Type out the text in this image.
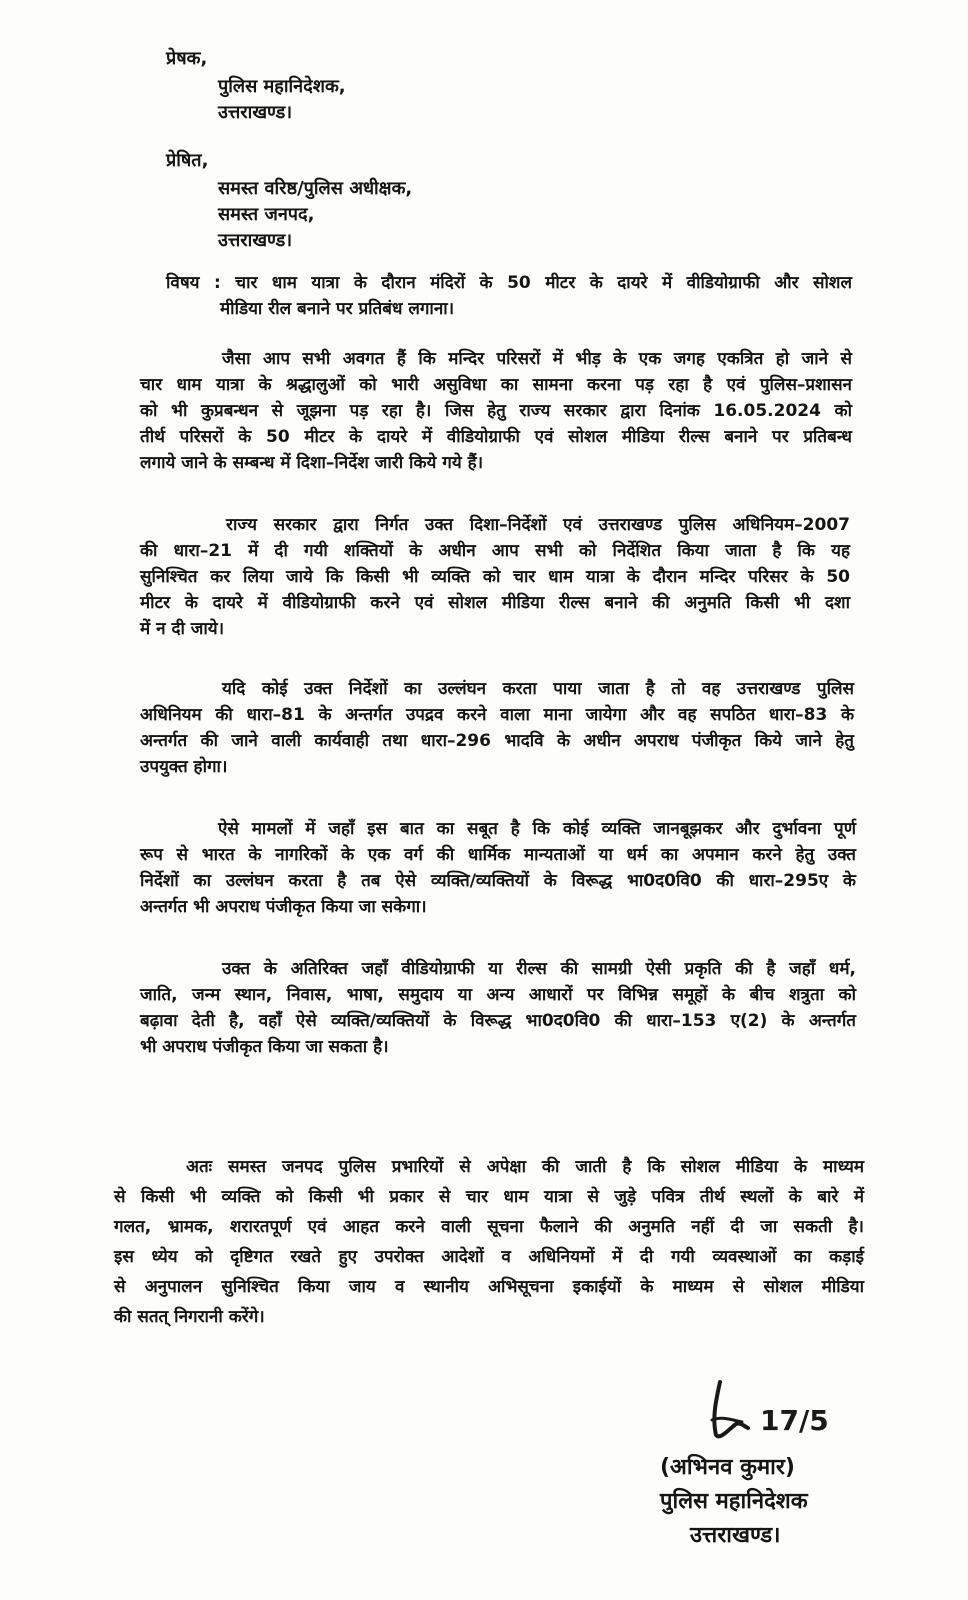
प्रेषक,
पुलिस महानिदेशक,
उत्तराखण्ड।
प्रेषित,
समस्त वरिष्ठ/पुलिस अधीक्षक,
समस्त जनपद,
उत्तराखण्ड।
विषय : चार धाम यात्रा के दौरान मंदिरों के 50 मीटर के दायरे में वीडियोग्राफी और सोशल
मीडिया रील बनाने पर प्रतिबंध लगाना।
जैसा आप सभी अवगत हैं कि मन्दिर परिसरों में भीड़ के एक जगह एकत्रित हो जाने से
चार धाम यात्रा के श्रद्धालुओं को भारी असुविधा का सामना करना पड़ रहा है एवं पुलिस–प्रशासन
को भी कुप्रबन्धन से जूझना पड़ रहा है। जिस हेतु राज्य सरकार द्वारा दिनांक 16.05.2024 को
तीर्थ परिसरों के 50 मीटर के दायरे में वीडियोग्राफी एवं सोशल मीडिया रील्स बनाने पर प्रतिबन्ध
लगाये जाने के सम्बन्ध में दिशा–निर्देश जारी किये गये हैं।
राज्य सरकार द्वारा निर्गत उक्त दिशा–निर्देशों एवं उत्तराखण्ड पुलिस अधिनियम–2007
की धारा–21 में दी गयी शक्तियों के अधीन आप सभी को निर्देशित किया जाता है कि यह
सुनिश्चित कर लिया जाये कि किसी भी व्यक्ति को चार धाम यात्रा के दौरान मन्दिर परिसर के 50
मीटर के दायरे में वीडियोग्राफी करने एवं सोशल मीडिया रील्स बनाने की अनुमति किसी भी दशा
में न दी जाये।
यदि कोई उक्त निर्देशों का उल्लंघन करता पाया जाता है तो वह उत्तराखण्ड पुलिस
अधिनियम की धारा–81 के अन्तर्गत उपद्रव करने वाला माना जायेगा और वह सपठित धारा–83 के
अन्तर्गत की जाने वाली कार्यवाही तथा धारा–296 भादवि के अधीन अपराध पंजीकृत किये जाने हेतु
उपयुक्त होगा।
ऐसे मामलों में जहाँ इस बात का सबूत है कि कोई व्यक्ति जानबूझकर और दुर्भावना पूर्ण
रूप से भारत के नागरिकों के एक वर्ग की धार्मिक मान्यताओं या धर्म का अपमान करने हेतु उक्त
निर्देशों का उल्लंघन करता है तब ऐसे व्यक्ति/व्यक्तियों के विरूद्ध भा0द0वि0 की धारा–295ए के
अन्तर्गत भी अपराध पंजीकृत किया जा सकेगा।
उक्त के अतिरिक्त जहाँ वीडियोग्राफी या रील्स की सामग्री ऐसी प्रकृति की है जहाँ धर्म,
जाति, जन्म स्थान, निवास, भाषा, समुदाय या अन्य आधारों पर विभिन्न समूहों के बीच शत्रुता को
बढ़ावा देती है, वहाँ ऐसे व्यक्ति/व्यक्तियों के विरूद्ध भा0द0वि0 की धारा–153 ए(2) के अन्तर्गत
भी अपराध पंजीकृत किया जा सकता है।
अतः समस्त जनपद पुलिस प्रभारियों से अपेक्षा की जाती है कि सोशल मीडिया के माध्यम
से किसी भी व्यक्ति को किसी भी प्रकार से चार धाम यात्रा से जुड़े पवित्र तीर्थ स्थलों के बारे में
गलत, भ्रामक, शरारतपूर्ण एवं आहत करने वाली सूचना फैलाने की अनुमति नहीं दी जा सकती है।
इस ध्येय को दृष्टिगत रखते हुए उपरोक्त आदेशों व अधिनियमों में दी गयी व्यवस्थाओं का कड़ाई
से अनुपालन सुनिश्चित किया जाय व स्थानीय अभिसूचना इकाईयों के माध्यम से सोशल मीडिया
की सतत् निगरानी करेंगे।
17/5
(अभिनव कुमार)
पुलिस महानिदेशक
उत्तराखण्ड।
